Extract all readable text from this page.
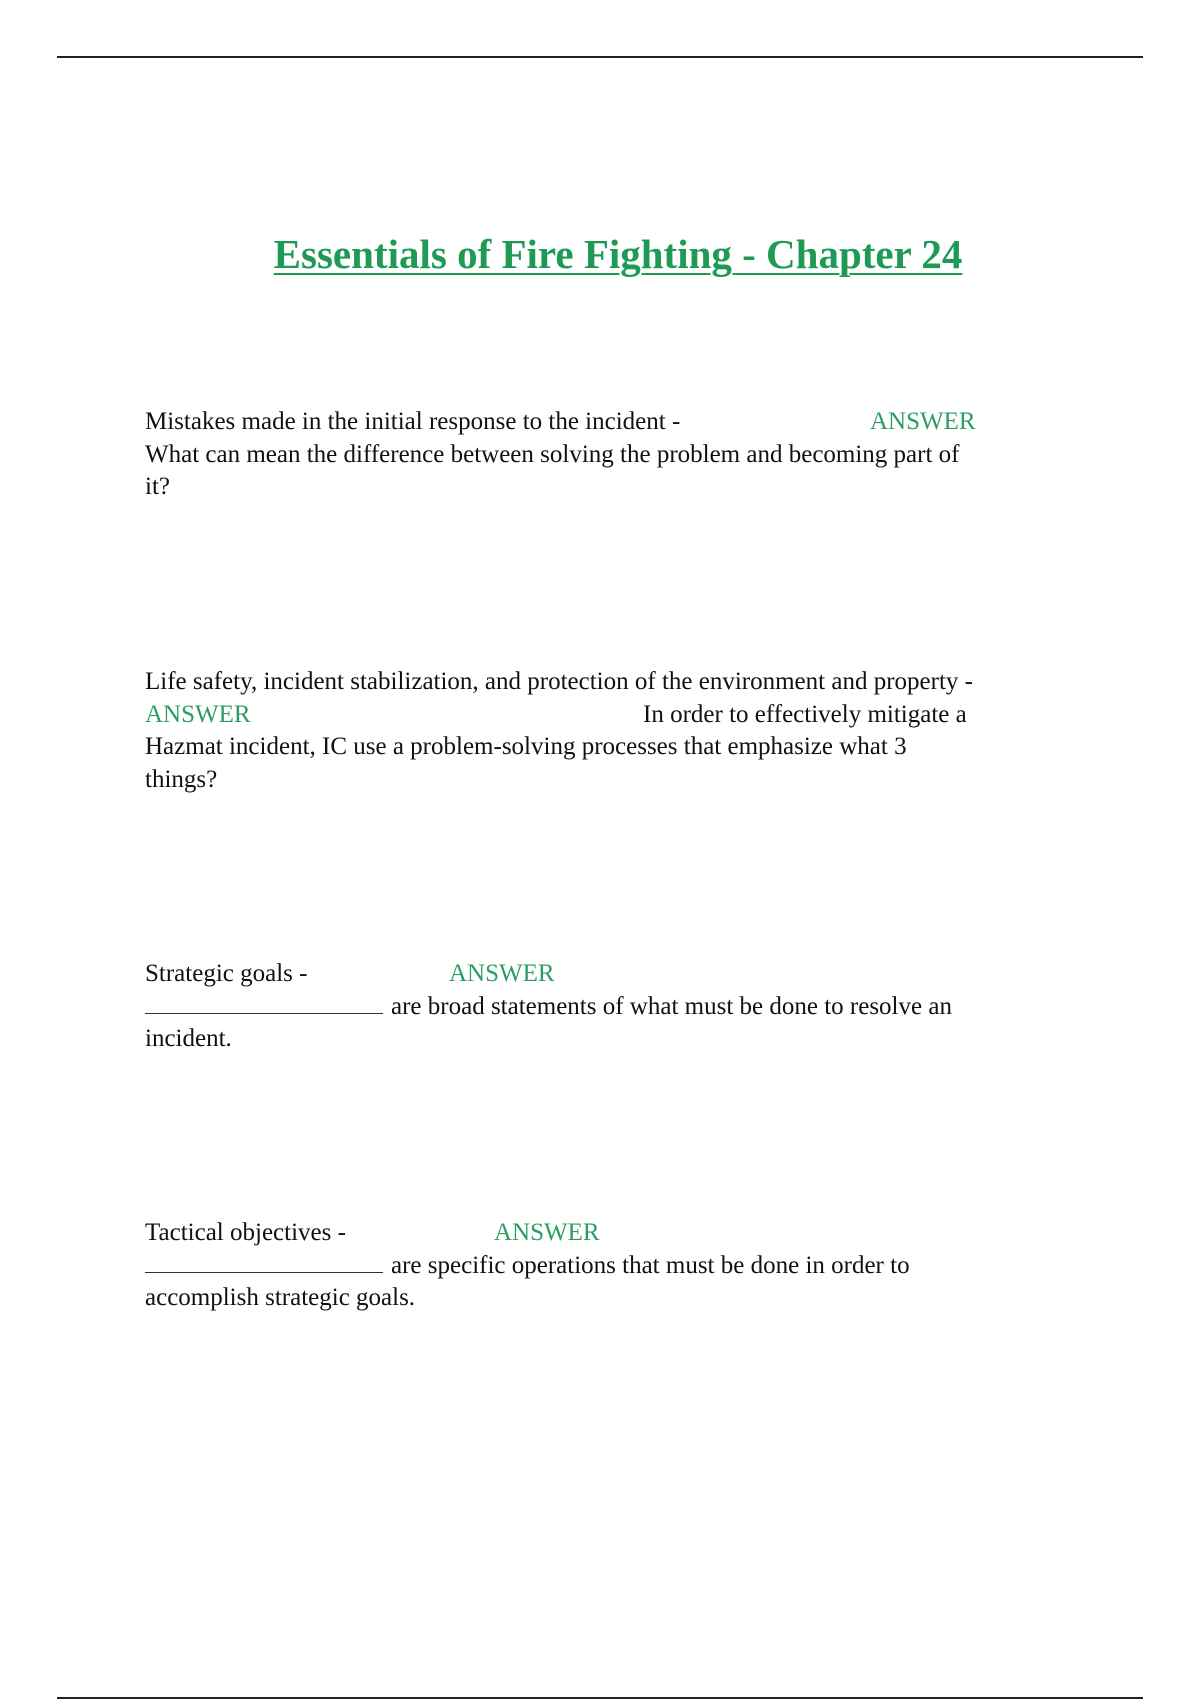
Essentials of Fire Fighting - Chapter 24
Mistakes made in the initial response to the incident -	ANSWER
What can mean the difference between solving the problem and becoming part of
it?
Life safety, incident stabilization, and protection of the environment and property -
ANSWER	In order to effectively mitigate a
Hazmat incident, IC use a problem-solving processes that emphasize what 3
things?
Strategic goals -	ANSWER
are broad statements of what must be done to resolve an
incident.
Tactical objectives -	ANSWER
are specific operations that must be done in order to
accomplish strategic goals.
